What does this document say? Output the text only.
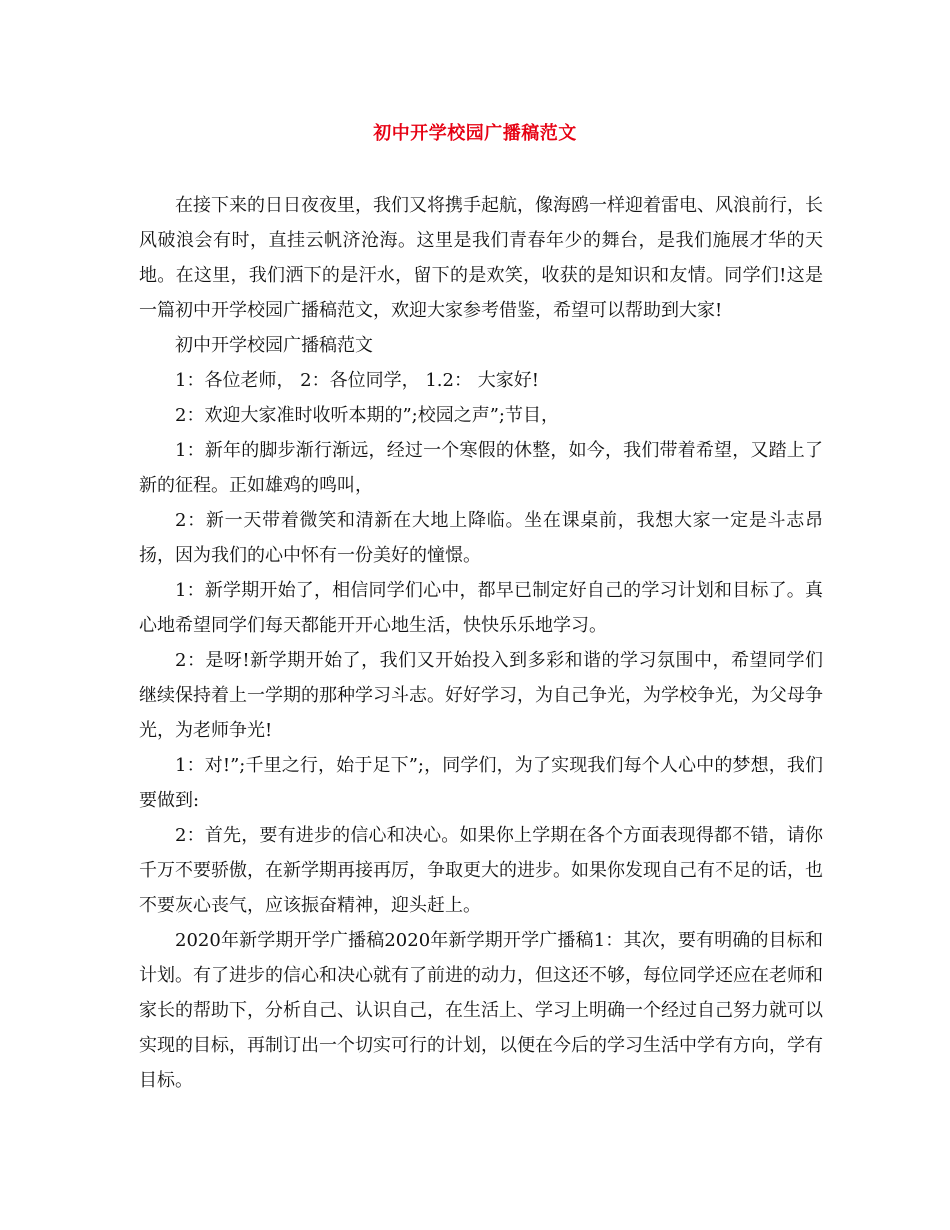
初中开学校园广播稿范文

在接下来的日日夜夜里，我们又将携手起航，像海鸥一样迎着雷电、风浪前行，长风破浪会有时，直挂云帆济沧海。这里是我们青春年少的舞台，是我们施展才华的天地。在这里，我们洒下的是汗水，留下的是欢笑，收获的是知识和友情。同学们!这是一篇初中开学校园广播稿范文，欢迎大家参考借鉴，希望可以帮助到大家!

初中开学校园广播稿范文

1：各位老师， 2：各位同学， 1.2： 大家好!

2：欢迎大家准时收听本期的”;校园之声”;节目，

1：新年的脚步渐行渐远，经过一个寒假的休整，如今，我们带着希望，又踏上了新的征程。正如雄鸡的鸣叫，

2：新一天带着微笑和清新在大地上降临。坐在课桌前，我想大家一定是斗志昂扬，因为我们的心中怀有一份美好的憧憬。

1：新学期开始了，相信同学们心中，都早已制定好自己的学习计划和目标了。真心地希望同学们每天都能开开心地生活，快快乐乐地学习。

2：是呀!新学期开始了，我们又开始投入到多彩和谐的学习氛围中，希望同学们继续保持着上一学期的那种学习斗志。好好学习，为自己争光，为学校争光，为父母争光，为老师争光!

1：对!”;千里之行，始于足下”;，同学们，为了实现我们每个人心中的梦想，我们要做到:

2：首先，要有进步的信心和决心。如果你上学期在各个方面表现得都不错，请你千万不要骄傲，在新学期再接再厉，争取更大的进步。如果你发现自己有不足的话，也不要灰心丧气，应该振奋精神，迎头赶上。

2020年新学期开学广播稿2020年新学期开学广播稿1：其次，要有明确的目标和计划。有了进步的信心和决心就有了前进的动力，但这还不够，每位同学还应在老师和家长的帮助下，分析自己、认识自己，在生活上、学习上明确一个经过自己努力就可以实现的目标，再制订出一个切实可行的计划，以便在今后的学习生活中学有方向，学有目标。
